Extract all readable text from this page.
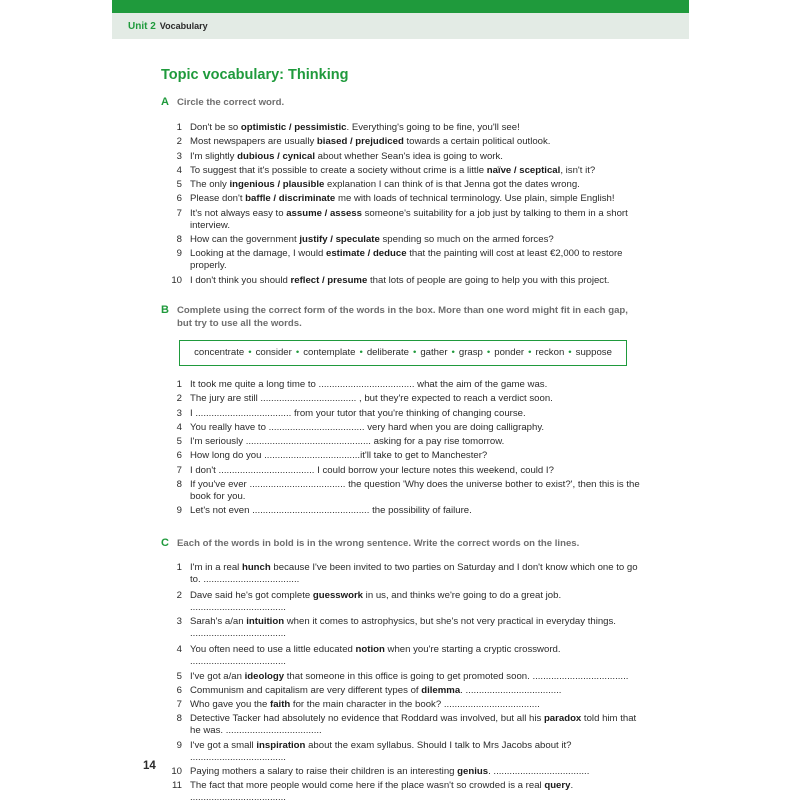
Unit 2 Vocabulary
Topic vocabulary: Thinking
A Circle the correct word.
1 Don't be so optimistic / pessimistic. Everything's going to be fine, you'll see!
2 Most newspapers are usually biased / prejudiced towards a certain political outlook.
3 I'm slightly dubious / cynical about whether Sean's idea is going to work.
4 To suggest that it's possible to create a society without crime is a little naïve / sceptical, isn't it?
5 The only ingenious / plausible explanation I can think of is that Jenna got the dates wrong.
6 Please don't baffle / discriminate me with loads of technical terminology. Use plain, simple English!
7 It's not always easy to assume / assess someone's suitability for a job just by talking to them in a short interview.
8 How can the government justify / speculate spending so much on the armed forces?
9 Looking at the damage, I would estimate / deduce that the painting will cost at least €2,000 to restore properly.
10 I don't think you should reflect / presume that lots of people are going to help you with this project.
B Complete using the correct form of the words in the box. More than one word might fit in each gap, but try to use all the words.
concentrate • consider • contemplate • deliberate • gather • grasp • ponder • reckon • suppose
1 It took me quite a long time to .................................... what the aim of the game was.
2 The jury are still .................................... , but they're expected to reach a verdict soon.
3 I .................................... from your tutor that you're thinking of changing course.
4 You really have to .................................... very hard when you are doing calligraphy.
5 I'm seriously ............................................... asking for a pay rise tomorrow.
6 How long do you ....................................it'll take to get to Manchester?
7 I don't .................................... I could borrow your lecture notes this weekend, could I?
8 If you've ever .................................... the question 'Why does the universe bother to exist?', then this is the book for you.
9 Let's not even ............................................ the possibility of failure.
C Each of the words in bold is in the wrong sentence. Write the correct words on the lines.
1 I'm in a real hunch because I've been invited to two parties on Saturday and I don't know which one to go to. ....................................
2 Dave said he's got complete guesswork in us, and thinks we're going to do a great job. ....................................
3 Sarah's a/an intuition when it comes to astrophysics, but she's not very practical in everyday things. ....................................
4 You often need to use a little educated notion when you're starting a cryptic crossword. ....................................
5 I've got a/an ideology that someone in this office is going to get promoted soon. ....................................
6 Communism and capitalism are very different types of dilemma. ....................................
7 Who gave you the faith for the main character in the book? ....................................
8 Detective Tacker had absolutely no evidence that Roddard was involved, but all his paradox told him that he was. ....................................
9 I've got a small inspiration about the exam syllabus. Should I talk to Mrs Jacobs about it? ....................................
10 Paying mothers a salary to raise their children is an interesting genius. ....................................
11 The fact that more people would come here if the place wasn't so crowded is a real query. ....................................
14
